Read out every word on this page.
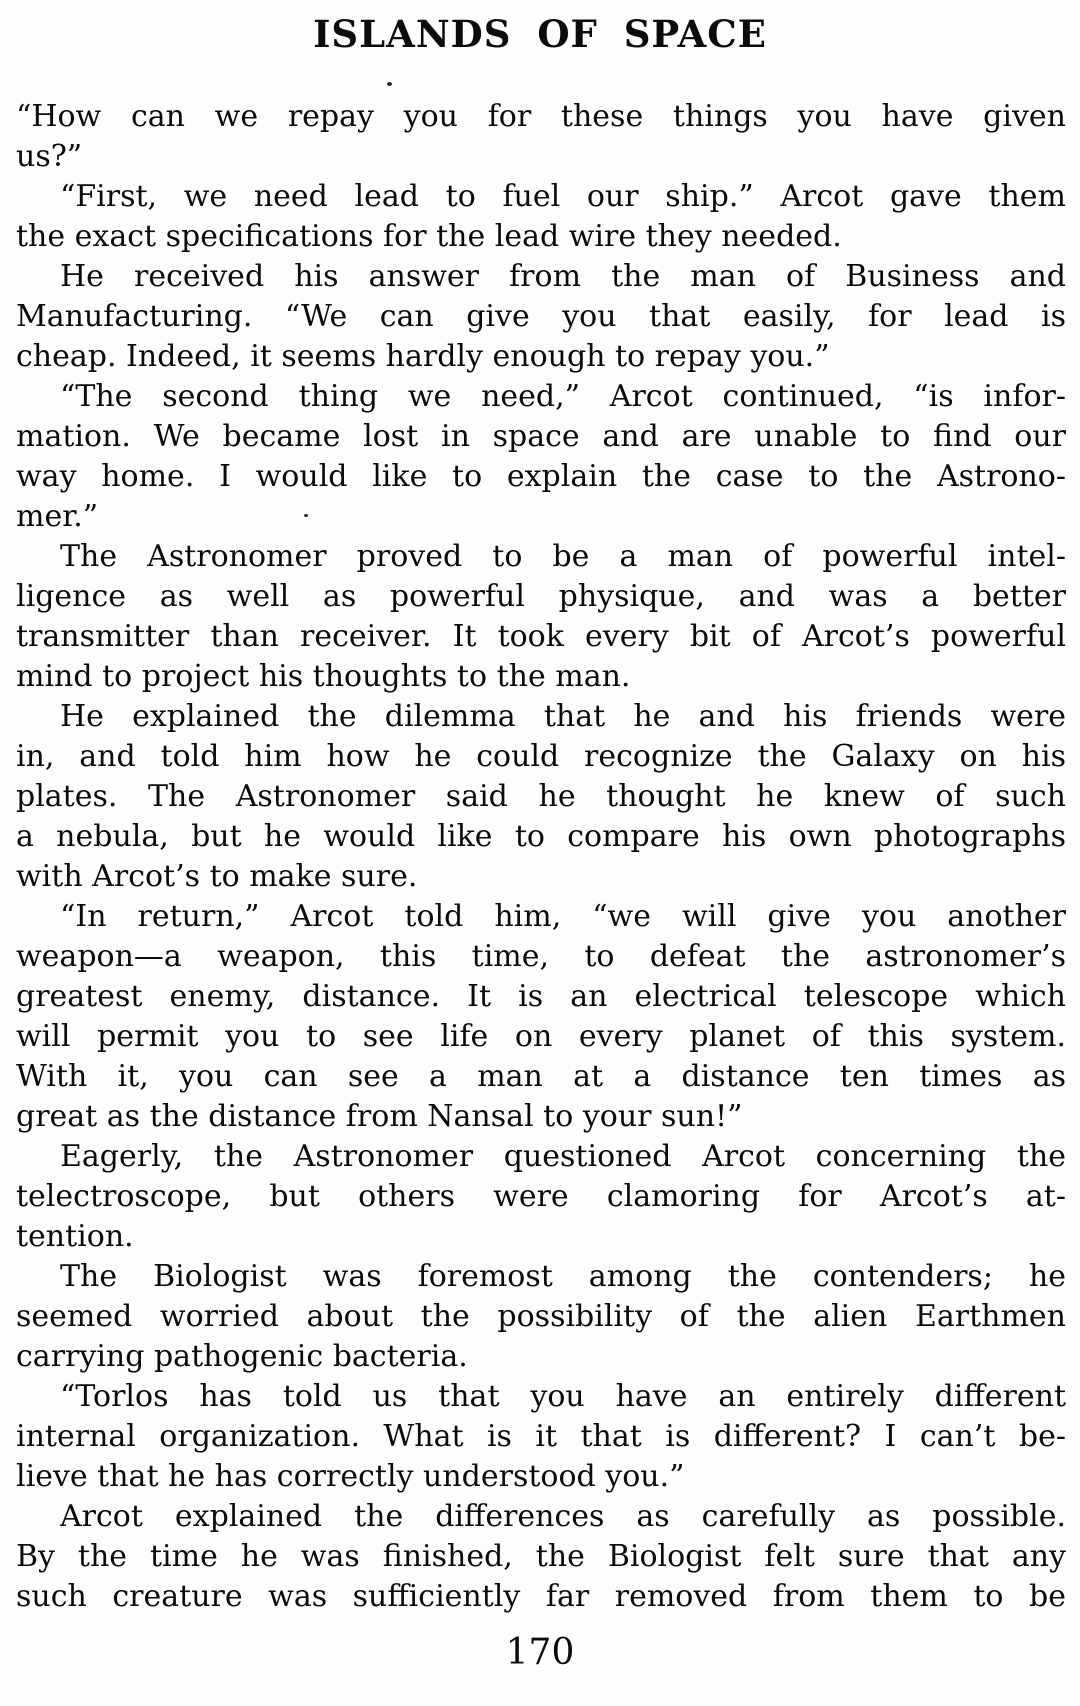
ISLANDS OF SPACE
“How can we repay you for these things you have given
us?”
“First, we need lead to fuel our ship.” Arcot gave them
the exact specifications for the lead wire they needed.
He received his answer from the man of Business and
Manufacturing. “We can give you that easily, for lead is
cheap. Indeed, it seems hardly enough to repay you.”
“The second thing we need,” Arcot continued, “is infor-
mation. We became lost in space and are unable to find our
way home. I would like to explain the case to the Astrono-
mer.”
The Astronomer proved to be a man of powerful intel-
ligence as well as powerful physique, and was a better
transmitter than receiver. It took every bit of Arcot’s powerful
mind to project his thoughts to the man.
He explained the dilemma that he and his friends were
in, and told him how he could recognize the Galaxy on his
plates. The Astronomer said he thought he knew of such
a nebula, but he would like to compare his own photographs
with Arcot’s to make sure.
“In return,” Arcot told him, “we will give you another
weapon—a weapon, this time, to defeat the astronomer’s
greatest enemy, distance. It is an electrical telescope which
will permit you to see life on every planet of this system.
With it, you can see a man at a distance ten times as
great as the distance from Nansal to your sun!”
Eagerly, the Astronomer questioned Arcot concerning the
telectroscope, but others were clamoring for Arcot’s at-
tention.
The Biologist was foremost among the contenders; he
seemed worried about the possibility of the alien Earthmen
carrying pathogenic bacteria.
“Torlos has told us that you have an entirely different
internal organization. What is it that is different? I can’t be-
lieve that he has correctly understood you.”
Arcot explained the differences as carefully as possible.
By the time he was finished, the Biologist felt sure that any
such creature was sufficiently far removed from them to be
170
